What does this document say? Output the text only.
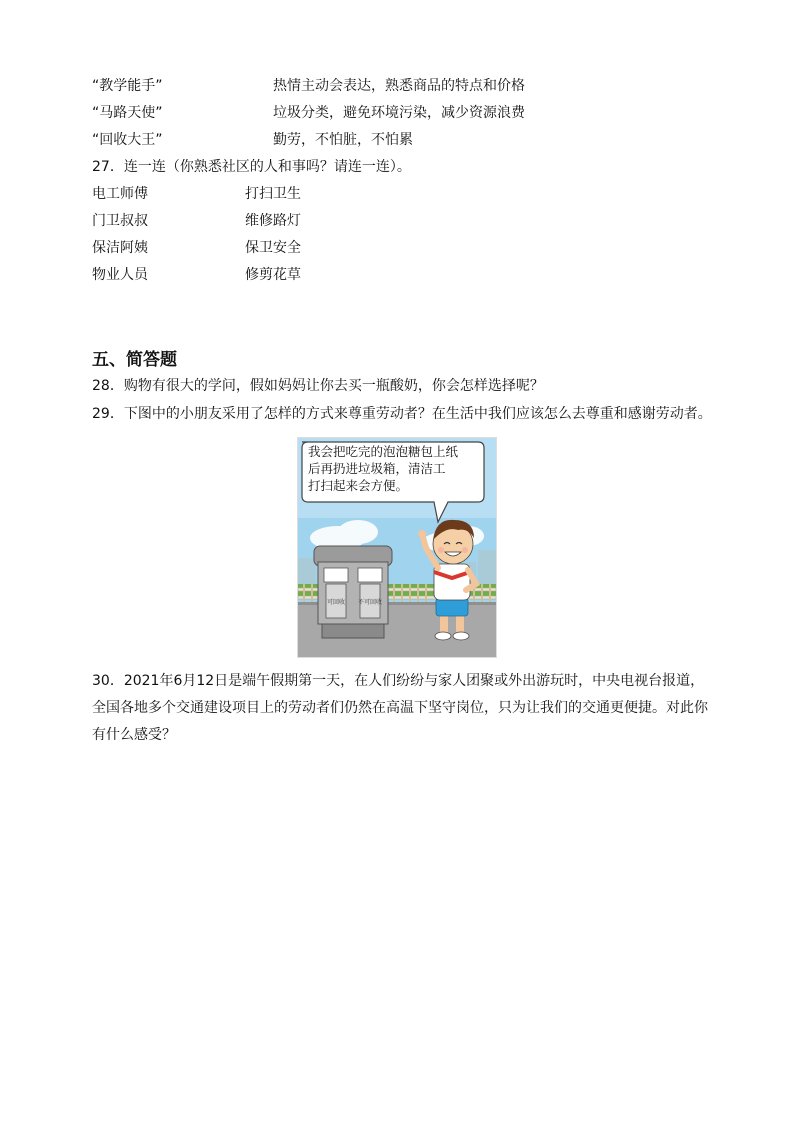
“教学能手”	热情主动会表达，熟悉商品的特点和价格
“马路天使”	垃圾分类，避免环境污染，减少资源浪费
“回收大王”	勤劳，不怕脏，不怕累
27．连一连（你熟悉社区的人和事吗？请连一连）。
电工师傅	打扫卫生
门卫叔叔	维修路灯
保洁阿姨	保卫安全
物业人员	修剪花草
五、简答题
28．购物有很大的学问，假如妈妈让你去买一瓶酸奶，你会怎样选择呢？
29．下图中的小朋友采用了怎样的方式来尊重劳动者？在生活中我们应该怎么去尊重和感谢劳动者。
可回收 不可回收
我会把吃完的泡泡糖包上纸
后再扔进垃圾箱，清洁工
打扫起来会方便。
30．2021年6月12日是端午假期第一天，在人们纷纷与家人团聚或外出游玩时，中央电视台报道，
全国各地多个交通建设项目上的劳动者们仍然在高温下坚守岗位，只为让我们的交通更便捷。对此你
有什么感受？
